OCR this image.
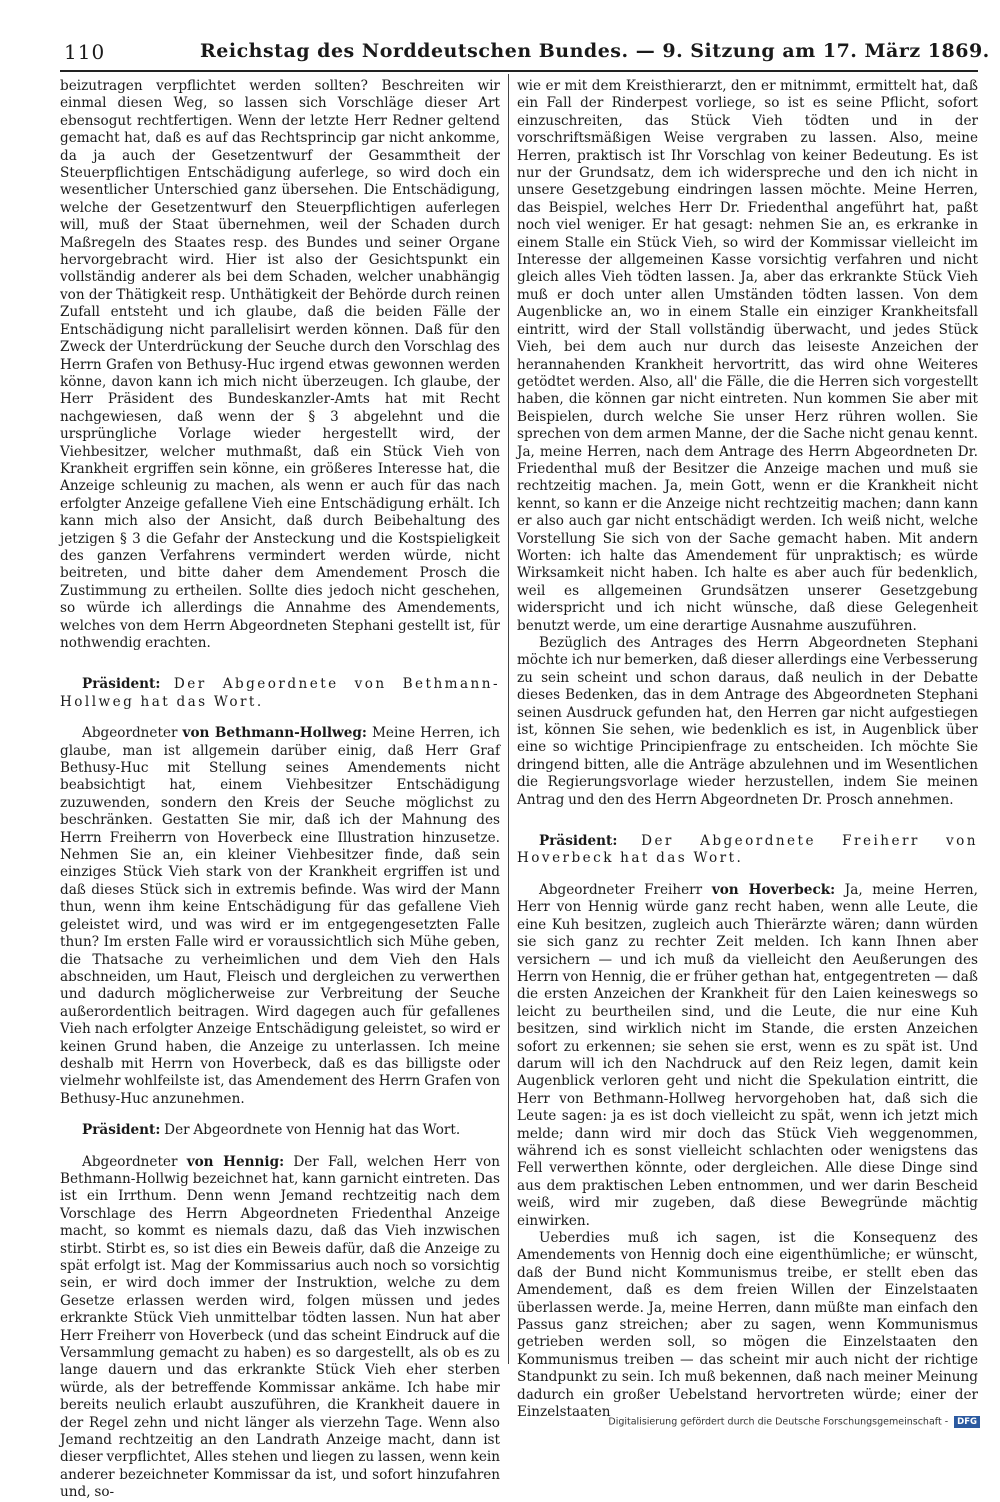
110	Reichstag des Norddeutschen Bundes. — 9. Sitzung am 17. März 1869.

beizutragen verpflichtet werden sollten? Beschreiten wir einmal diesen Weg, so lassen sich Vorschläge dieser Art ebensogut rechtfertigen. Wenn der letzte Herr Redner geltend gemacht hat, daß es auf das Rechtsprincip gar nicht ankomme, da ja auch der Gesetzentwurf der Gesammtheit der Steuerpflichtigen Entschädigung auferlege, so wird doch ein wesentlicher Unterschied ganz übersehen. Die Entschädigung, welche der Gesetzentwurf den Steuerpflichtigen auferlegen will, muß der Staat übernehmen, weil der Schaden durch Maßregeln des Staates resp. des Bundes und seiner Organe hervorgebracht wird. Hier ist also der Gesichtspunkt ein vollständig anderer als bei dem Schaden, welcher unabhängig von der Thätigkeit resp. Unthätigkeit der Behörde durch reinen Zufall entsteht und ich glaube, daß die beiden Fälle der Entschädigung nicht parallelisirt werden können. Daß für den Zweck der Unterdrückung der Seuche durch den Vorschlag des Herrn Grafen von Bethusy-Huc irgend etwas gewonnen werden könne, davon kann ich mich nicht überzeugen. Ich glaube, der Herr Präsident des Bundeskanzler-Amts hat mit Recht nachgewiesen, daß wenn der § 3 abgelehnt und die ursprüngliche Vorlage wieder hergestellt wird, der Viehbesitzer, welcher muthmaßt, daß ein Stück Vieh von Krankheit ergriffen sein könne, ein größeres Interesse hat, die Anzeige schleunig zu machen, als wenn er auch für das nach erfolgter Anzeige gefallene Vieh eine Entschädigung erhält. Ich kann mich also der Ansicht, daß durch Beibehaltung des jetzigen § 3 die Gefahr der Ansteckung und die Kostspieligkeit des ganzen Verfahrens vermindert werden würde, nicht beitreten, und bitte daher dem Amendement Prosch die Zustimmung zu ertheilen. Sollte dies jedoch nicht geschehen, so würde ich allerdings die Annahme des Amendements, welches von dem Herrn Abgeordneten Stephani gestellt ist, für nothwendig erachten.

Präsident: Der Abgeordnete von Bethmann-Hollweg hat das Wort.

Abgeordneter von Bethmann-Hollweg: Meine Herren, ich glaube, man ist allgemein darüber einig, daß Herr Graf Bethusy-Huc mit Stellung seines Amendements nicht beabsichtigt hat, einem Viehbesitzer Entschädigung zuzuwenden, sondern den Kreis der Seuche möglichst zu beschränken. Gestatten Sie mir, daß ich der Mahnung des Herrn Freiherrn von Hoverbeck eine Illustration hinzusetze. Nehmen Sie an, ein kleiner Viehbesitzer finde, daß sein einziges Stück Vieh stark von der Krankheit ergriffen ist und daß dieses Stück sich in extremis befinde. Was wird der Mann thun, wenn ihm keine Entschädigung für das gefallene Vieh geleistet wird, und was wird er im entgegengesetzten Falle thun? Im ersten Falle wird er voraussichtlich sich Mühe geben, die Thatsache zu verheimlichen und dem Vieh den Hals abschneiden, um Haut, Fleisch und dergleichen zu verwerthen und dadurch möglicherweise zur Verbreitung der Seuche außerordentlich beitragen. Wird dagegen auch für gefallenes Vieh nach erfolgter Anzeige Entschädigung geleistet, so wird er keinen Grund haben, die Anzeige zu unterlassen. Ich meine deshalb mit Herrn von Hoverbeck, daß es das billigste oder vielmehr wohlfeilste ist, das Amendement des Herrn Grafen von Bethusy-Huc anzunehmen.

Präsident: Der Abgeordnete von Hennig hat das Wort.

Abgeordneter von Hennig: Der Fall, welchen Herr von Bethmann-Hollwig bezeichnet hat, kann garnicht eintreten. Das ist ein Irrthum. Denn wenn Jemand rechtzeitig nach dem Vorschlage des Herrn Abgeordneten Friedenthal Anzeige macht, so kommt es niemals dazu, daß das Vieh inzwischen stirbt. Stirbt es, so ist dies ein Beweis dafür, daß die Anzeige zu spät erfolgt ist. Mag der Kommissarius auch noch so vorsichtig sein, er wird doch immer der Instruktion, welche zu dem Gesetze erlassen werden wird, folgen müssen und jedes erkrankte Stück Vieh unmittelbar tödten lassen. Nun hat aber Herr Freiherr von Hoverbeck (und das scheint Eindruck auf die Versammlung gemacht zu haben) es so dargestellt, als ob es zu lange dauern und das erkrankte Stück Vieh eher sterben würde, als der betreffende Kommissar ankäme. Ich habe mir bereits neulich erlaubt auszuführen, die Krankheit dauere in der Regel zehn und nicht länger als vierzehn Tage. Wenn also Jemand rechtzeitig an den Landrath Anzeige macht, dann ist dieser verpflichtet, Alles stehen und liegen zu lassen, wenn kein anderer bezeichneter Kommissar da ist, und sofort hinzufahren und, so-

wie er mit dem Kreisthierarzt, den er mitnimmt, ermittelt hat, daß ein Fall der Rinderpest vorliege, so ist es seine Pflicht, sofort einzuschreiten, das Stück Vieh tödten und in der vorschriftsmäßigen Weise vergraben zu lassen. Also, meine Herren, praktisch ist Ihr Vorschlag von keiner Bedeutung. Es ist nur der Grundsatz, dem ich widerspreche und den ich nicht in unsere Gesetzgebung eindringen lassen möchte. Meine Herren, das Beispiel, welches Herr Dr. Friedenthal angeführt hat, paßt noch viel weniger. Er hat gesagt: nehmen Sie an, es erkranke in einem Stalle ein Stück Vieh, so wird der Kommissar vielleicht im Interesse der allgemeinen Kasse vorsichtig verfahren und nicht gleich alles Vieh tödten lassen. Ja, aber das erkrankte Stück Vieh muß er doch unter allen Umständen tödten lassen. Von dem Augenblicke an, wo in einem Stalle ein einziger Krankheitsfall eintritt, wird der Stall vollständig überwacht, und jedes Stück Vieh, bei dem auch nur durch das leiseste Anzeichen der herannahenden Krankheit hervortritt, das wird ohne Weiteres getödtet werden. Also, all' die Fälle, die die Herren sich vorgestellt haben, die können gar nicht eintreten. Nun kommen Sie aber mit Beispielen, durch welche Sie unser Herz rühren wollen. Sie sprechen von dem armen Manne, der die Sache nicht genau kennt. Ja, meine Herren, nach dem Antrage des Herrn Abgeordneten Dr. Friedenthal muß der Besitzer die Anzeige machen und muß sie rechtzeitig machen. Ja, mein Gott, wenn er die Krankheit nicht kennt, so kann er die Anzeige nicht rechtzeitig machen; dann kann er also auch gar nicht entschädigt werden. Ich weiß nicht, welche Vorstellung Sie sich von der Sache gemacht haben. Mit andern Worten: ich halte das Amendement für unpraktisch; es würde Wirksamkeit nicht haben. Ich halte es aber auch für bedenklich, weil es allgemeinen Grundsätzen unserer Gesetzgebung widerspricht und ich nicht wünsche, daß diese Gelegenheit benutzt werde, um eine derartige Ausnahme auszuführen.

Bezüglich des Antrages des Herrn Abgeordneten Stephani möchte ich nur bemerken, daß dieser allerdings eine Verbesserung zu sein scheint und schon daraus, daß neulich in der Debatte dieses Bedenken, das in dem Antrage des Abgeordneten Stephani seinen Ausdruck gefunden hat, den Herren gar nicht aufgestiegen ist, können Sie sehen, wie bedenklich es ist, in Augenblick über eine so wichtige Principienfrage zu entscheiden. Ich möchte Sie dringend bitten, alle die Anträge abzulehnen und im Wesentlichen die Regierungsvorlage wieder herzustellen, indem Sie meinen Antrag und den des Herrn Abgeordneten Dr. Prosch annehmen.

Präsident: Der Abgeordnete Freiherr von Hoverbeck hat das Wort.

Abgeordneter Freiherr von Hoverbeck: Ja, meine Herren, Herr von Hennig würde ganz recht haben, wenn alle Leute, die eine Kuh besitzen, zugleich auch Thierärzte wären; dann würden sie sich ganz zu rechter Zeit melden. Ich kann Ihnen aber versichern — und ich muß da vielleicht den Aeußerungen des Herrn von Hennig, die er früher gethan hat, entgegentreten — daß die ersten Anzeichen der Krankheit für den Laien keineswegs so leicht zu beurtheilen sind, und die Leute, die nur eine Kuh besitzen, sind wirklich nicht im Stande, die ersten Anzeichen sofort zu erkennen; sie sehen sie erst, wenn es zu spät ist. Und darum will ich den Nachdruck auf den Reiz legen, damit kein Augenblick verloren geht und nicht die Spekulation eintritt, die Herr von Bethmann-Hollweg hervorgehoben hat, daß sich die Leute sagen: ja es ist doch vielleicht zu spät, wenn ich jetzt mich melde; dann wird mir doch das Stück Vieh weggenommen, während ich es sonst vielleicht schlachten oder wenigstens das Fell verwerthen könnte, oder dergleichen. Alle diese Dinge sind aus dem praktischen Leben entnommen, und wer darin Bescheid weiß, wird mir zugeben, daß diese Bewegründe mächtig einwirken.

Ueberdies muß ich sagen, ist die Konsequenz des Amendements von Hennig doch eine eigenthümliche; er wünscht, daß der Bund nicht Kommunismus treibe, er stellt eben das Amendement, daß es dem freien Willen der Einzelstaaten überlassen werde. Ja, meine Herren, dann müßte man einfach den Passus ganz streichen; aber zu sagen, wenn Kommunismus getrieben werden soll, so mögen die Einzelstaaten den Kommunismus treiben — das scheint mir auch nicht der richtige Standpunkt zu sein. Ich muß bekennen, daß nach meiner Meinung dadurch ein großer Uebelstand hervortreten würde; einer der Einzelstaaten

Digitalisierung gefördert durch die Deutsche Forschungsgemeinschaft - DFG
